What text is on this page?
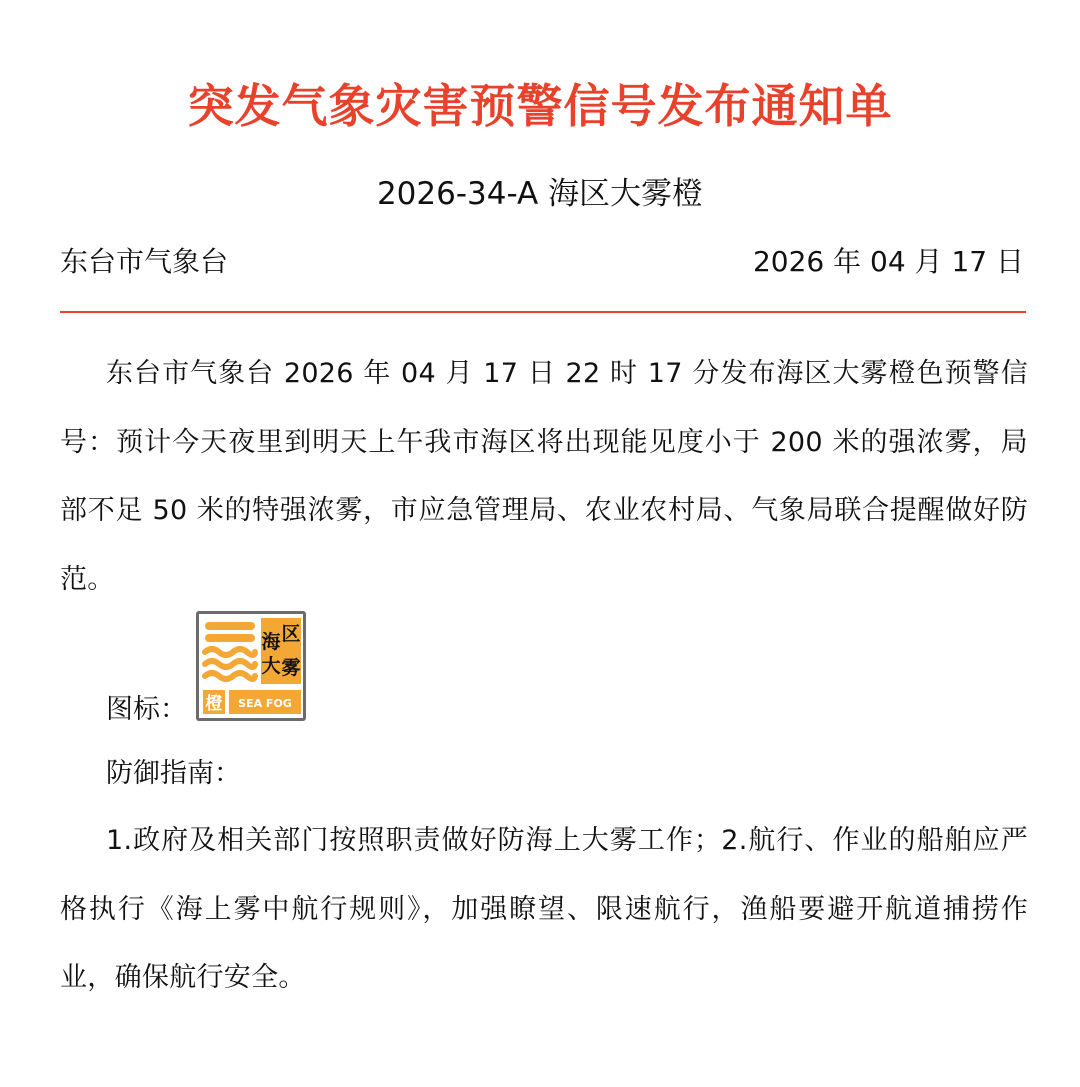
突发气象灾害预警信号发布通知单
2026-34-A 海区大雾橙
东台市气象台	2026 年 04 月 17 日
东台市气象台 2026 年 04 月 17 日 22 时 17 分发布海区大雾橙色预警信号：预计今天夜里到明天上午我市海区将出现能见度小于 200 米的强浓雾，局部不足 50 米的特强浓雾，市应急管理局、农业农村局、气象局联合提醒做好防范。
图标：
海 区
大 雾
橙 SEA FOG
防御指南：
1.政府及相关部门按照职责做好防海上大雾工作；2.航行、作业的船舶应严格执行《海上雾中航行规则》，加强瞭望、限速航行，渔船要避开航道捕捞作业，确保航行安全。
